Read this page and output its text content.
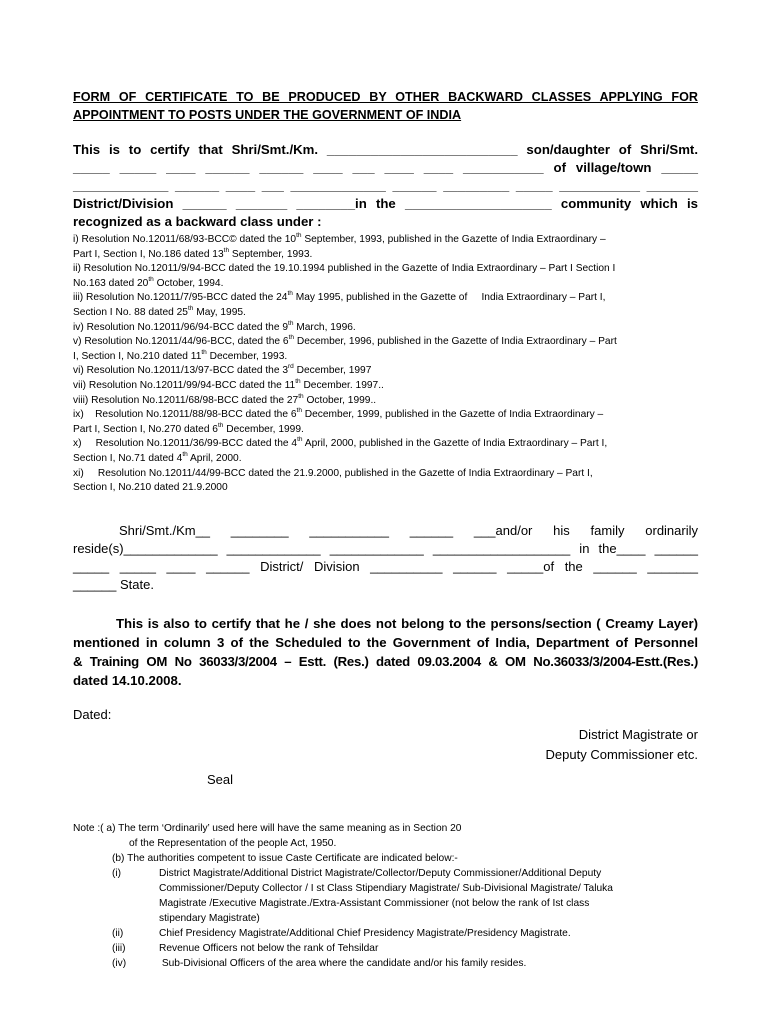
FORM OF CERTIFICATE TO BE PRODUCED BY OTHER BACKWARD CLASSES APPLYING FOR
APPOINTMENT TO POSTS UNDER THE GOVERNMENT OF INDIA
This is to certify that Shri/Smt./Km. __________________________ son/daughter of Shri/Smt.
_____ _____ ____ ______ ______ ____ ___ ____ ____ ___________ of village/town _____
_____________ ______ ____ ___ _____________ ______ _________ _____ ___________ _______
District/Division ______ _______ ________in the ____________________ community which is
recognized as a backward class under :
i) Resolution No.12011/68/93-BCC© dated the 10th September, 1993, published in the Gazette of India Extraordinary –
Part I, Section I, No.186 dated 13th September, 1993.
ii) Resolution No.12011/9/94-BCC dated the 19.10.1994 published in the Gazette of India Extraordinary – Part I Section I
No.163 dated 20th October, 1994.
iii) Resolution No.12011/7/95-BCC dated the 24th May 1995, published in the Gazette of     India Extraordinary – Part I,
Section I No. 88 dated 25th May, 1995.
iv) Resolution No.12011/96/94-BCC dated the 9th March, 1996.
v) Resolution No.12011/44/96-BCC, dated the 6th December, 1996, published in the Gazette of India Extraordinary – Part
I, Section I, No.210 dated 11th December, 1993.
vi) Resolution No.12011/13/97-BCC dated the 3rd December, 1997
vii) Resolution No.12011/99/94-BCC dated the 11th December. 1997..
viii) Resolution No.12011/68/98-BCC dated the 27th October, 1999..
ix)    Resolution No.12011/88/98-BCC dated the 6th December, 1999, published in the Gazette of India Extraordinary –
Part I, Section I, No.270 dated 6th December, 1999.
x)     Resolution No.12011/36/99-BCC dated the 4th April, 2000, published in the Gazette of India Extraordinary – Part I,
Section I, No.71 dated 4th April, 2000.
xi)     Resolution No.12011/44/99-BCC dated the 21.9.2000, published in the Gazette of India Extraordinary – Part I,
Section I, No.210 dated 21.9.2000
Shri/Smt./Km__  ________  ___________  ______  ___and/or  his  family  ordinarily
reside(s)_____________ _____________ _____________ ___________________ in the____ ______
_____ _____ ____ ______ District/ Division __________ ______ _____of the ______ _______
______ State.
This is also to certify that he / she does not belong to the persons/section ( Creamy Layer)
mentioned in column 3 of the Scheduled to the Government of India, Department of Personnel
& Training OM No 36033/3/2004 – Estt. (Res.) dated 09.03.2004 & OM No.36033/3/2004-Estt.(Res.)
dated 14.10.2008.
Dated:
District Magistrate or
Deputy Commissioner etc.
Seal
Note :( a) The term ‘Ordinarily’ used here will have the same meaning as in Section 20
of the Representation of the people Act, 1950.
(b) The authorities competent to issue Caste Certificate are indicated below:-
(i)	District Magistrate/Additional District Magistrate/Collector/Deputy Commissioner/Additional Deputy
Commissioner/Deputy Collector / I st Class Stipendiary Magistrate/ Sub-Divisional Magistrate/ Taluka
Magistrate /Executive Magistrate./Extra-Assistant Commissioner (not below the rank of Ist class
stipendary Magistrate)
(ii)	Chief Presidency Magistrate/Additional Chief Presidency Magistrate/Presidency Magistrate.
(iii)	Revenue Officers not below the rank of Tehsildar
(iv)	Sub-Divisional Officers of the area where the candidate and/or his family resides.
